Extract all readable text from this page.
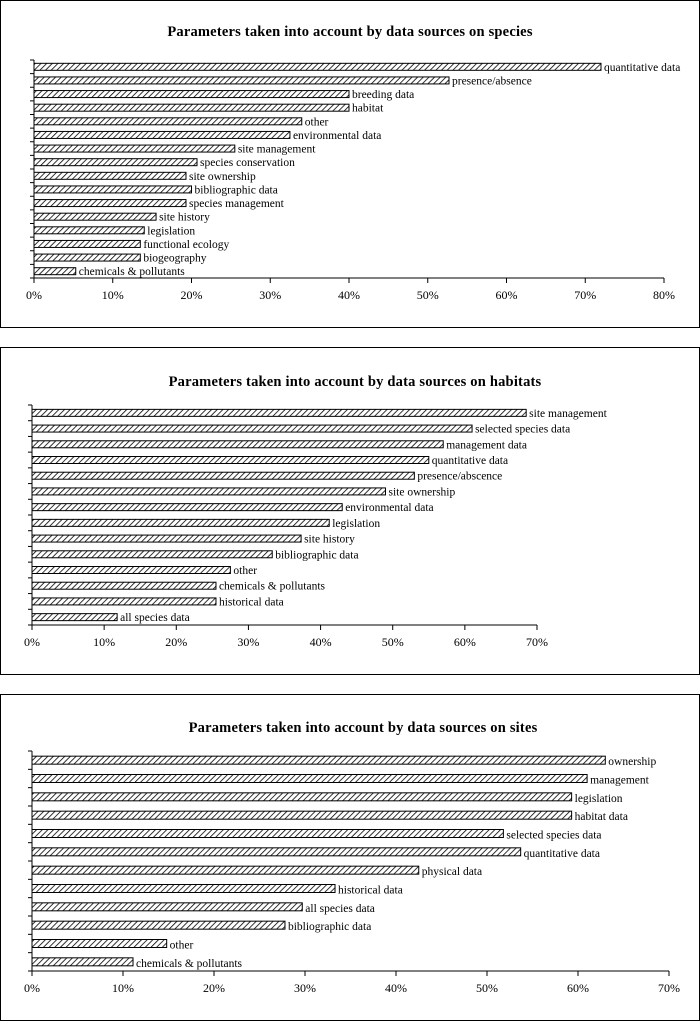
Parameters taken into account by data sources on species
0%	10%	20%	30%	40%	50%	60%	70%	80%
quantitative data
presence/absence
breeding data
habitat
other
environmental data
site management
species conservation
site ownership
bibliographic data
species management
site history
legislation
functional ecology
biogeography
chemicals & pollutants
Parameters taken into account by data sources on habitats
0%	10%	20%	30%	40%	50%	60%	70%
site management
selected species data
management data
quantitative data
presence/abscence
site ownership
environmental data
legislation
site history
bibliographic data
other
chemicals & pollutants
historical data
all species data
Parameters taken into account by data sources on sites
0%	10%	20%	30%	40%	50%	60%	70%
ownership
management
legislation
habitat data
selected species data
quantitative data
physical data
historical data
all species data
bibliographic data
other
chemicals & pollutants
